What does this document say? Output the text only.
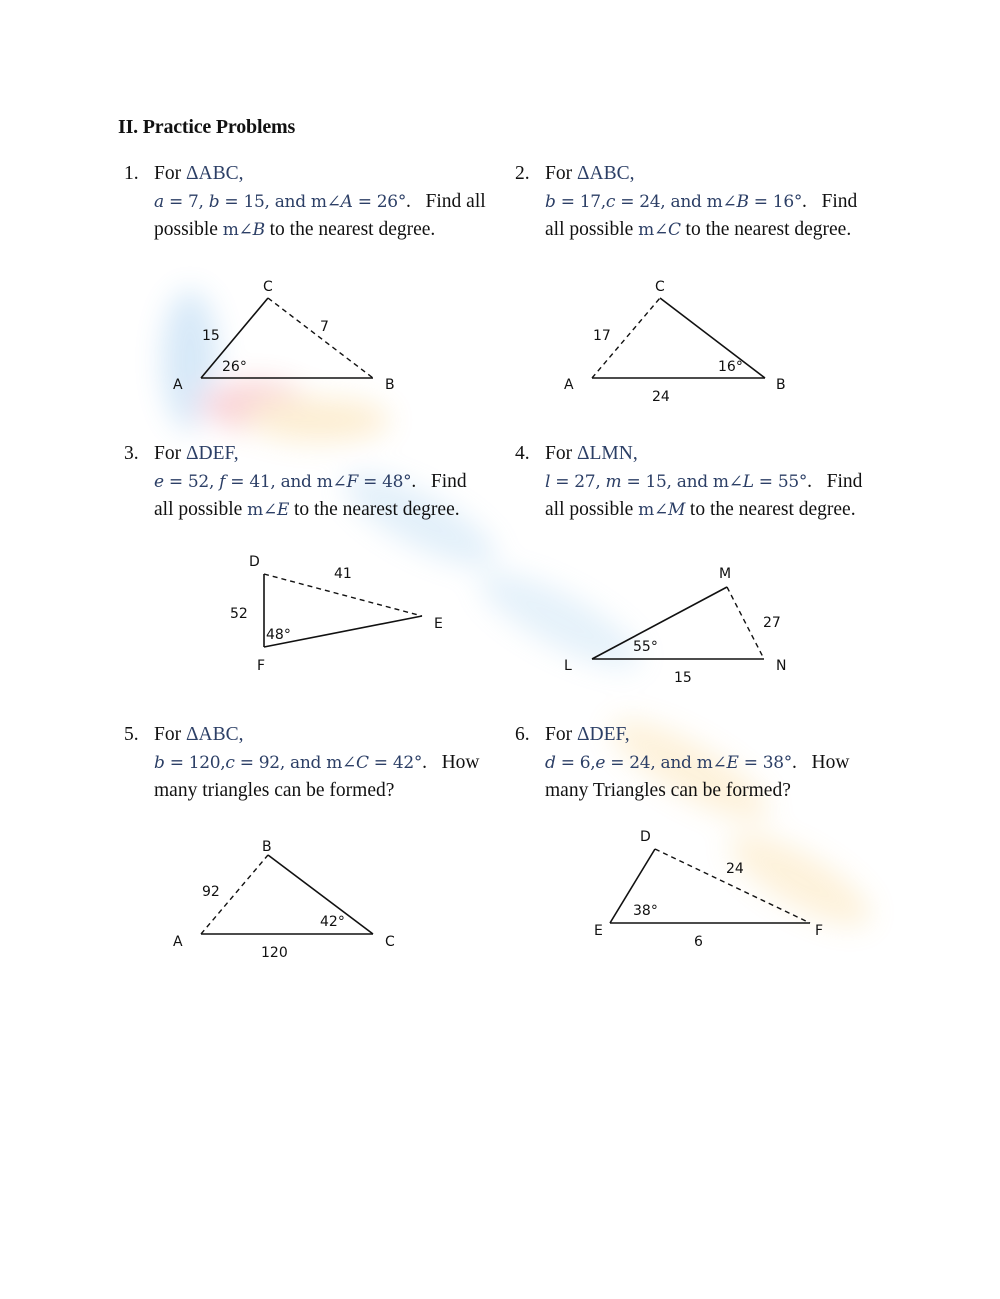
II. Practice Problems
1. For ΔABC,
a = 7, b = 15, and m∠A = 26°.   Find all
possible m∠B to the nearest degree.
C
A	B
15
7
26°
2. For ΔABC,
b = 17,c = 24, and m∠B = 16°.   Find
all possible m∠C to the nearest degree.
C
A	B
17
24
16°
3. For ΔDEF,
e = 52, f = 41, and m∠F = 48°.   Find
all possible m∠E to the nearest degree.
D
E
F
52
41
48°
4. For ΔLMN,
l = 27, m = 15, and m∠L = 55°.   Find
all possible m∠M to the nearest degree.
M
L	N
27
15
55°
5. For ΔABC,
b = 120,c = 92, and m∠C = 42°.   How
many triangles can be formed?
B
A	C
92
120
42°
6. For ΔDEF,
d = 6,e = 24, and m∠E = 38°.   How
many Triangles can be formed?
D
E	F
24
6
38°
